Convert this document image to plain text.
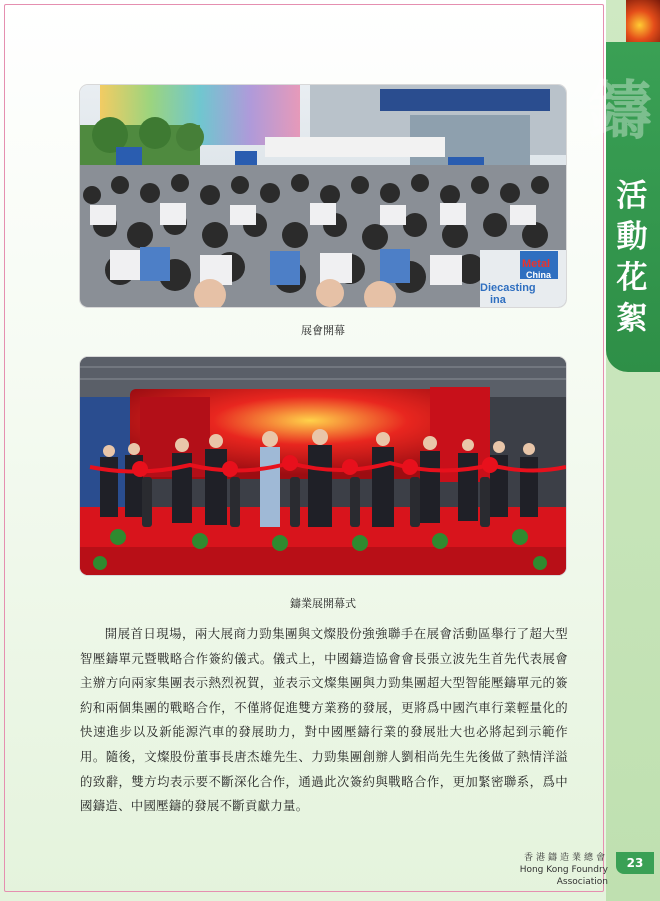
鑄
活
動
花
絮
Metal
China
Diecasting
ina
展會開幕
鑄業展開幕式
開展首日現場，兩大展商力勁集團與文燦股份強強聯手在展會活動區舉行了超大型智壓鑄單元暨戰略合作簽約儀式。儀式上，中國鑄造協會會長張立波先生首先代表展會主辦方向兩家集團表示熱烈祝賀，並表示文燦集團與力勁集團超大型智能壓鑄單元的簽約和兩個集團的戰略合作，不僅將促進雙方業務的發展，更將爲中國汽車行業輕量化的快速進步以及新能源汽車的發展助力，對中國壓鑄行業的發展壯大也必將起到示範作用。隨後，文燦股份董事長唐杰雄先生、力勁集團創辦人劉相尚先生先後做了熱情洋溢的致辭，雙方均表示要不斷深化合作，通過此次簽約與戰略合作，更加緊密聯系，爲中國鑄造、中國壓鑄的發展不斷貢獻力量。
香港鑄造業總會
Hong Kong Foundry Association
23
